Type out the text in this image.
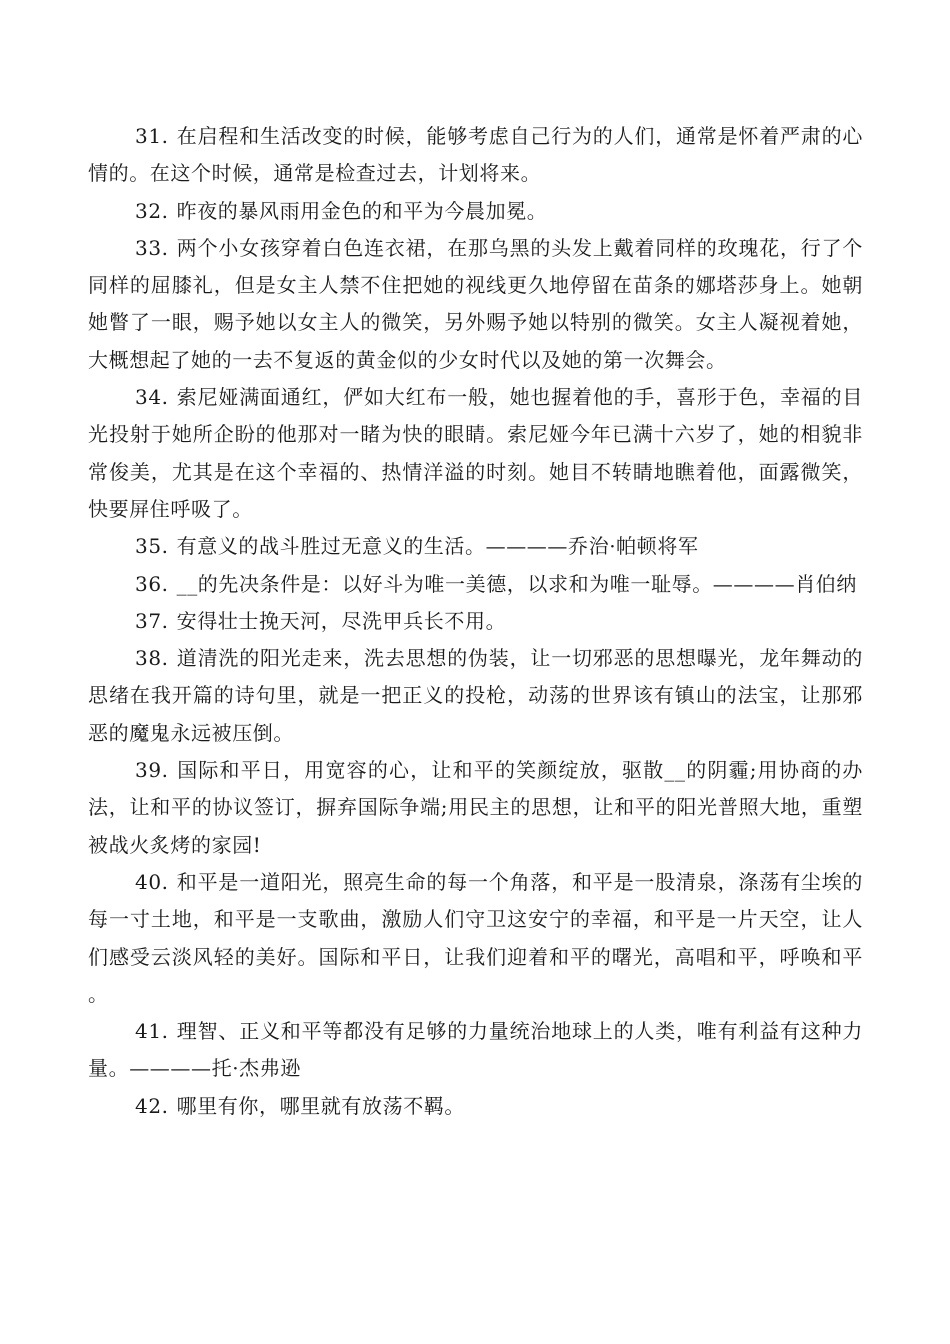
31. 在启程和生活改变的时候，能够考虑自己行为的人们，通常是怀着严肃的心情的。在这个时候，通常是检查过去，计划将来。

32. 昨夜的暴风雨用金色的和平为今晨加冕。

33. 两个小女孩穿着白色连衣裙，在那乌黑的头发上戴着同样的玫瑰花，行了个同样的屈膝礼，但是女主人禁不住把她的视线更久地停留在苗条的娜塔莎身上。她朝她瞥了一眼，赐予她以女主人的微笑，另外赐予她以特别的微笑。女主人凝视着她，大概想起了她的一去不复返的黄金似的少女时代以及她的第一次舞会。

34. 索尼娅满面通红，俨如大红布一般，她也握着他的手，喜形于色，幸福的目光投射于她所企盼的他那对一睹为快的眼睛。索尼娅今年已满十六岁了，她的相貌非常俊美，尤其是在这个幸福的、热情洋溢的时刻。她目不转睛地瞧着他，面露微笑，快要屏住呼吸了。

35. 有意义的战斗胜过无意义的生活。————乔治·帕顿将军

36. __的先决条件是：以好斗为唯一美德，以求和为唯一耻辱。————肖伯纳

37. 安得壮士挽天河，尽洗甲兵长不用。

38. 道清洗的阳光走来，洗去思想的伪装，让一切邪恶的思想曝光，龙年舞动的思绪在我开篇的诗句里，就是一把正义的投枪，动荡的世界该有镇山的法宝，让那邪恶的魔鬼永远被压倒。

39. 国际和平日，用宽容的心，让和平的笑颜绽放，驱散__的阴霾;用协商的办法，让和平的协议签订，摒弃国际争端;用民主的思想，让和平的阳光普照大地，重塑被战火炙烤的家园!

40. 和平是一道阳光，照亮生命的每一个角落，和平是一股清泉，涤荡有尘埃的每一寸土地，和平是一支歌曲，激励人们守卫这安宁的幸福，和平是一片天空，让人们感受云淡风轻的美好。国际和平日，让我们迎着和平的曙光，高唱和平，呼唤和平。

41. 理智、正义和平等都没有足够的力量统治地球上的人类，唯有利益有这种力量。————托·杰弗逊

42. 哪里有你，哪里就有放荡不羁。
